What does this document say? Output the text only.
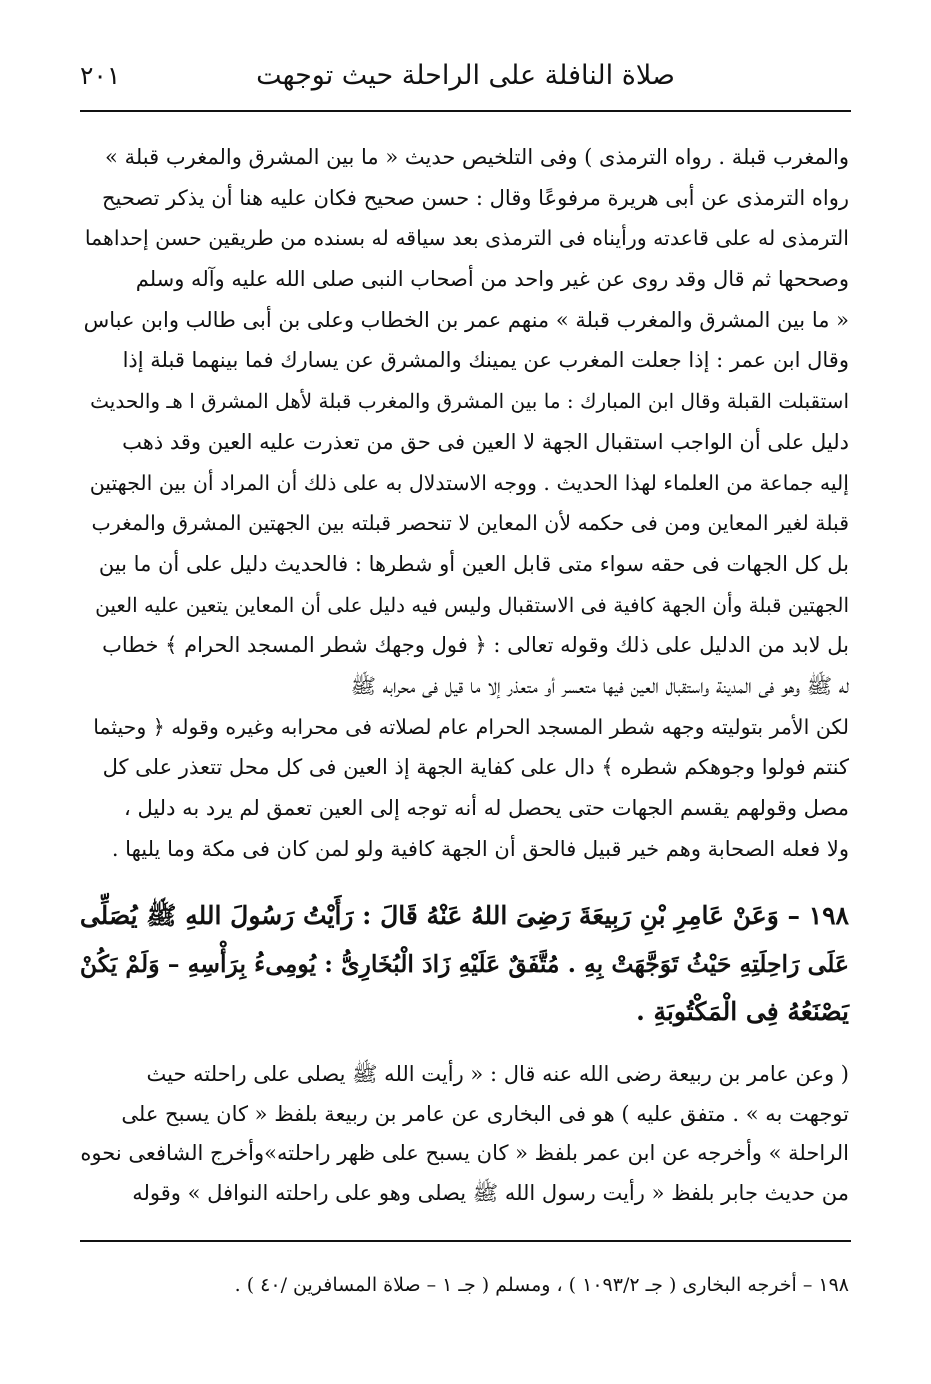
صلاة النافلة على الراحلة حيث توجهت
٢٠١
والمغرب قبلة . رواه الترمذى ) وفى التلخيص حديث « ما بين المشرق والمغرب قبلة »
رواه الترمذى عن أبى هريرة مرفوعًا وقال : حسن صحيح فكان عليه هنا أن يذكر تصحيح
الترمذى له على قاعدته ورأيناه فى الترمذى بعد سياقه له بسنده من طريقين حسن إحداهما
وصححها ثم قال وقد روى عن غير واحد من أصحاب النبى صلى الله عليه وآله وسلم
« ما بين المشرق والمغرب قبلة » منهم عمر بن الخطاب وعلى بن أبى طالب وابن عباس
وقال ابن عمر : إذا جعلت المغرب عن يمينك والمشرق عن يسارك فما بينهما قبلة إذا
استقبلت القبلة وقال ابن المبارك : ما بين المشرق والمغرب قبلة لأهل المشرق ا هـ والحديث
دليل على أن الواجب استقبال الجهة لا العين فى حق من تعذرت عليه العين وقد ذهب
إليه جماعة من العلماء لهذا الحديث . ووجه الاستدلال به على ذلك أن المراد أن بين الجهتين
قبلة لغير المعاين ومن فى حكمه لأن المعاين لا تنحصر قبلته بين الجهتين المشرق والمغرب
بل كل الجهات فى حقه سواء متى قابل العين أو شطرها : فالحديث دليل على أن ما بين
الجهتين قبلة وأن الجهة كافية فى الاستقبال وليس فيه دليل على أن المعاين يتعين عليه العين
بل لابد من الدليل على ذلك وقوله تعالى : ﴿ فول وجهك شطر المسجد الحرام ﴾ خطاب
له ﷺ وهو فى المدينة واستقبال العين فيها متعسر أو متعذر إلا ما قيل فى محرابه ﷺ
لكن الأمر بتوليته وجهه شطر المسجد الحرام عام لصلاته فى محرابه وغيره وقوله ﴿ وحيثما
كنتم فولوا وجوهكم شطره ﴾ دال على كفاية الجهة إذ العين فى كل محل تتعذر على كل
مصل وقولهم يقسم الجهات حتى يحصل له أنه توجه إلى العين تعمق لم يرد به دليل ،
ولا فعله الصحابة وهم خير قبيل فالحق أن الجهة كافية ولو لمن كان فى مكة وما يليها .
١٩٨ – وَعَنْ عَامِرِ بْنِ رَبِيعَةَ رَضِىَ اللهُ عَنْهُ قَالَ : رَأَيْتُ رَسُولَ اللهِ ﷺ يُصَلِّى
عَلَى رَاحِلَتِهِ حَيْثُ تَوَجَّهَتْ بِهِ . مُتَّفَقٌ عَلَيْهِ زَادَ الْبُخَارِىُّ : يُومِىءُ بِرَأْسِهِ – وَلَمْ يَكُنْ
يَصْنَعُهُ فِى الْمَكْتُوبَةِ .
( وعن عامر بن ربيعة رضى الله عنه قال : « رأيت الله ﷺ يصلى على راحلته حيث
توجهت به » . متفق عليه ) هو فى البخارى عن عامر بن ربيعة بلفظ « كان يسبح على
الراحلة » وأخرجه عن ابن عمر بلفظ « كان يسبح على ظهر راحلته»وأخرج الشافعى نحوه
من حديث جابر بلفظ « رأيت رسول الله ﷺ يصلى وهو على راحلته النوافل » وقوله
١٩٨ – أخرجه البخارى ( جـ ١٠٩٣/٢ ) ، ومسلم ( جـ ١ – صلاة المسافرين /٤٠ ) .
